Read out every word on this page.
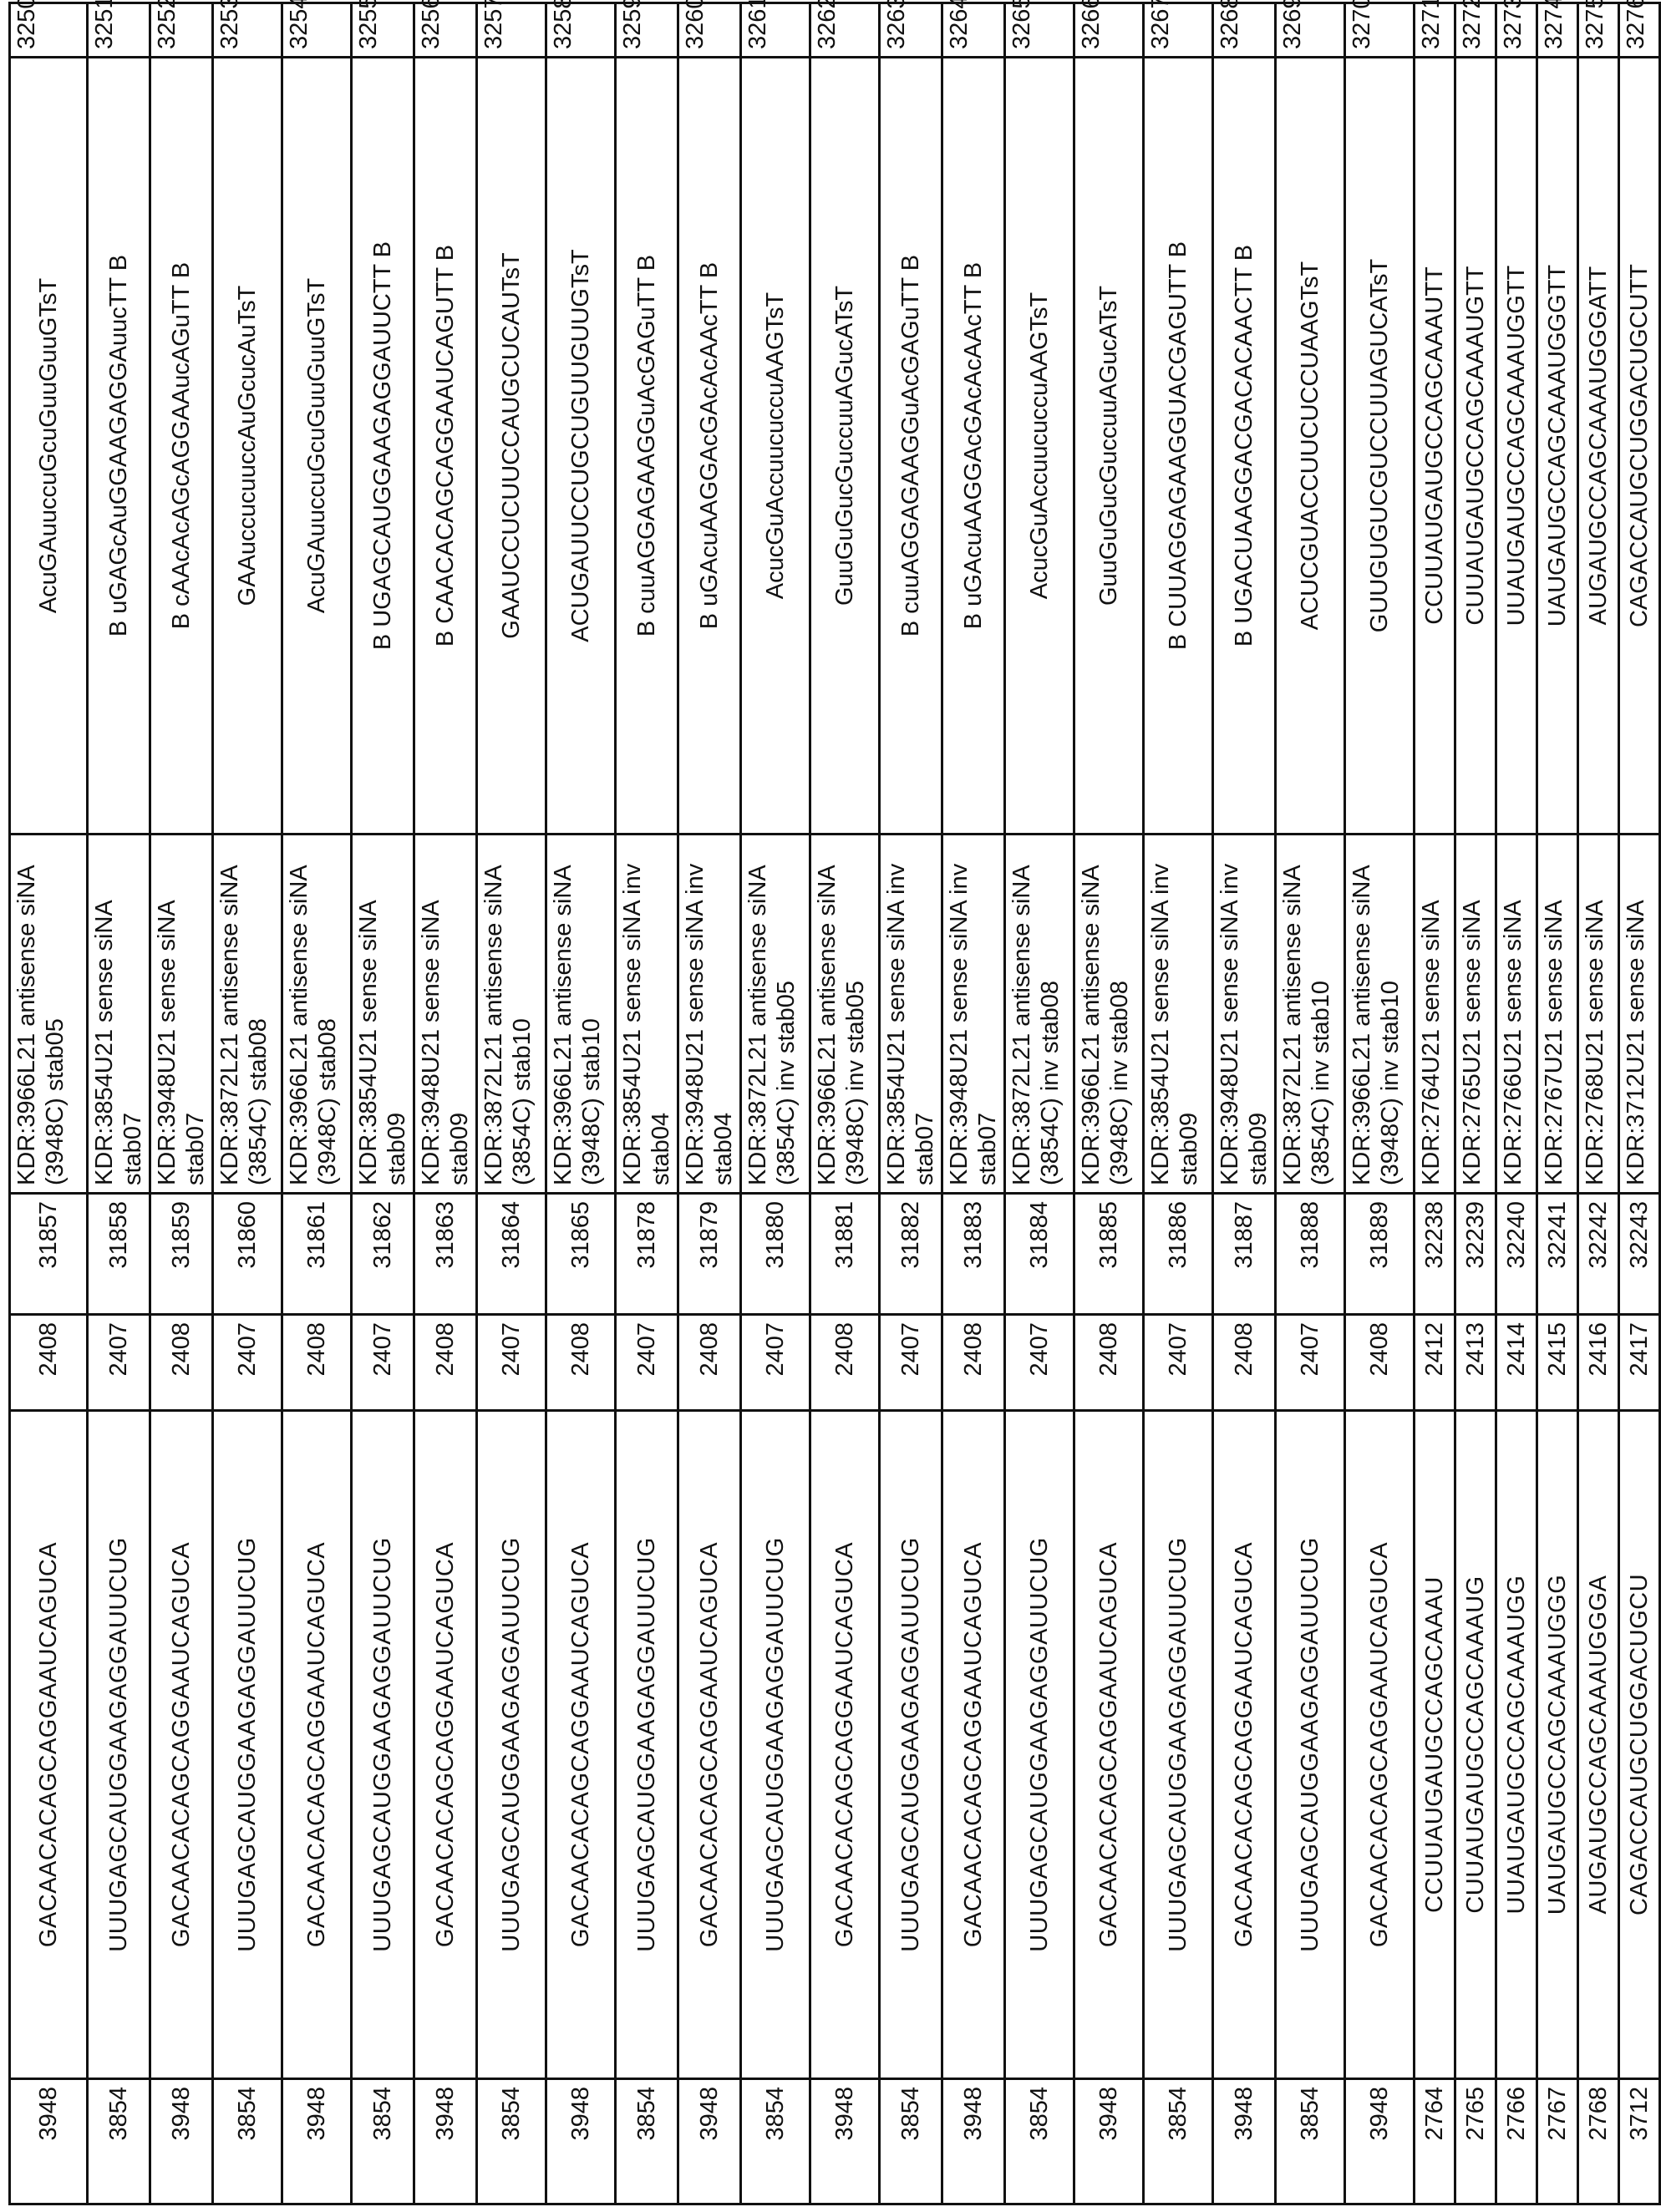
3948	GACAACACAGCAGGAAUCAGUCA	2408	31857	KDR:3966L21 antisense siNA (3948C) stab05	AcuGAuuccuGcuGuuGuuGTsT	3250
3854	UUUGAGCAUGGAAGAGGAUUCUG	2407	31858	KDR:3854U21 sense siNA stab07	B uGAGcAuGGAAGAGGAuucTT B	3251
3948	GACAACACAGCAGGAAUCAGUCA	2408	31859	KDR:3948U21 sense siNA stab07	B cAAcAcAGcAGGAAucAGuTT B	3252
3854	UUUGAGCAUGGAAGAGGAUUCUG	2407	31860	KDR:3872L21 antisense siNA (3854C) stab08	GAAuccucuuccAuGcucAuTsT	3253
3948	GACAACACAGCAGGAAUCAGUCA	2408	31861	KDR:3966L21 antisense siNA (3948C) stab08	AcuGAuuccuGcuGuuGuuGTsT	3254
3854	UUUGAGCAUGGAAGAGGAUUCUG	2407	31862	KDR:3854U21 sense siNA stab09	B UGAGCAUGGAAGAGGAUUCTT B	3255
3948	GACAACACAGCAGGAAUCAGUCA	2408	31863	KDR:3948U21 sense siNA stab09	B CAACACAGCAGGAAUCAGUTT B	3256
3854	UUUGAGCAUGGAAGAGGAUUCUG	2407	31864	KDR:3872L21 antisense siNA (3854C) stab10	GAAUCCUCUUCCAUGCUCAUTsT	3257
3948	GACAACACAGCAGGAAUCAGUCA	2408	31865	KDR:3966L21 antisense siNA (3948C) stab10	ACUGAUUCCUGCUGUUGUUGTsT	3258
3854	UUUGAGCAUGGAAGAGGAUUCUG	2407	31878	KDR:3854U21 sense siNA inv stab04	B cuuAGGAGAAGGuAcGAGuTT B	3259
3948	GACAACACAGCAGGAAUCAGUCA	2408	31879	KDR:3948U21 sense siNA inv stab04	B uGAcuAAGGAcGAcAcAAcTT B	3260
3854	UUUGAGCAUGGAAGAGGAUUCUG	2407	31880	KDR:3872L21 antisense siNA (3854C) inv stab05	AcucGuAccuucuccuAAGTsT	3261
3948	GACAACACAGCAGGAAUCAGUCA	2408	31881	KDR:3966L21 antisense siNA (3948C) inv stab05	GuuGuGucGuccuuAGucATsT	3262
3854	UUUGAGCAUGGAAGAGGAUUCUG	2407	31882	KDR:3854U21 sense siNA inv stab07	B cuuAGGAGAAGGuAcGAGuTT B	3263
3948	GACAACACAGCAGGAAUCAGUCA	2408	31883	KDR:3948U21 sense siNA inv stab07	B uGAcuAAGGAcGAcAcAAcTT B	3264
3854	UUUGAGCAUGGAAGAGGAUUCUG	2407	31884	KDR:3872L21 antisense siNA (3854C) inv stab08	AcucGuAccuucuccuAAGTsT	3265
3948	GACAACACAGCAGGAAUCAGUCA	2408	31885	KDR:3966L21 antisense siNA (3948C) inv stab08	GuuGuGucGuccuuAGucATsT	3266
3854	UUUGAGCAUGGAAGAGGAUUCUG	2407	31886	KDR:3854U21 sense siNA inv stab09	B CUUAGGAGAAGGUACGAGUTT B	3267
3948	GACAACACAGCAGGAAUCAGUCA	2408	31887	KDR:3948U21 sense siNA inv stab09	B UGACUAAGGACGACACAACTT B	3268
3854	UUUGAGCAUGGAAGAGGAUUCUG	2407	31888	KDR:3872L21 antisense siNA (3854C) inv stab10	ACUCGUACCUUCUCCUAAGTsT	3269
3948	GACAACACAGCAGGAAUCAGUCA	2408	31889	KDR:3966L21 antisense siNA (3948C) inv stab10	GUUGUGUCGUCCUUAGUCATsT	3270
2764	CCUUAUGAUGCCAGCAAAU	2412	32238	KDR:2764U21 sense siNA	CCUUAUGAUGCCAGCAAAUTT	3271
2765	CUUAUGAUGCCAGCAAAUG	2413	32239	KDR:2765U21 sense siNA	CUUAUGAUGCCAGCAAAUGTT	3272
2766	UUAUGAUGCCAGCAAAUGG	2414	32240	KDR:2766U21 sense siNA	UUAUGAUGCCAGCAAAUGGTT	3273
2767	UAUGAUGCCAGCAAAUGGG	2415	32241	KDR:2767U21 sense siNA	UAUGAUGCCAGCAAAUGGGTT	3274
2768	AUGAUGCCAGCAAAUGGGA	2416	32242	KDR:2768U21 sense siNA	AUGAUGCCAGCAAAUGGGATT	3275
3712	CAGACCAUGCUGGACUGCU	2417	32243	KDR:3712U21 sense siNA	CAGACCAUGCUGGACUGCUTT	3276
